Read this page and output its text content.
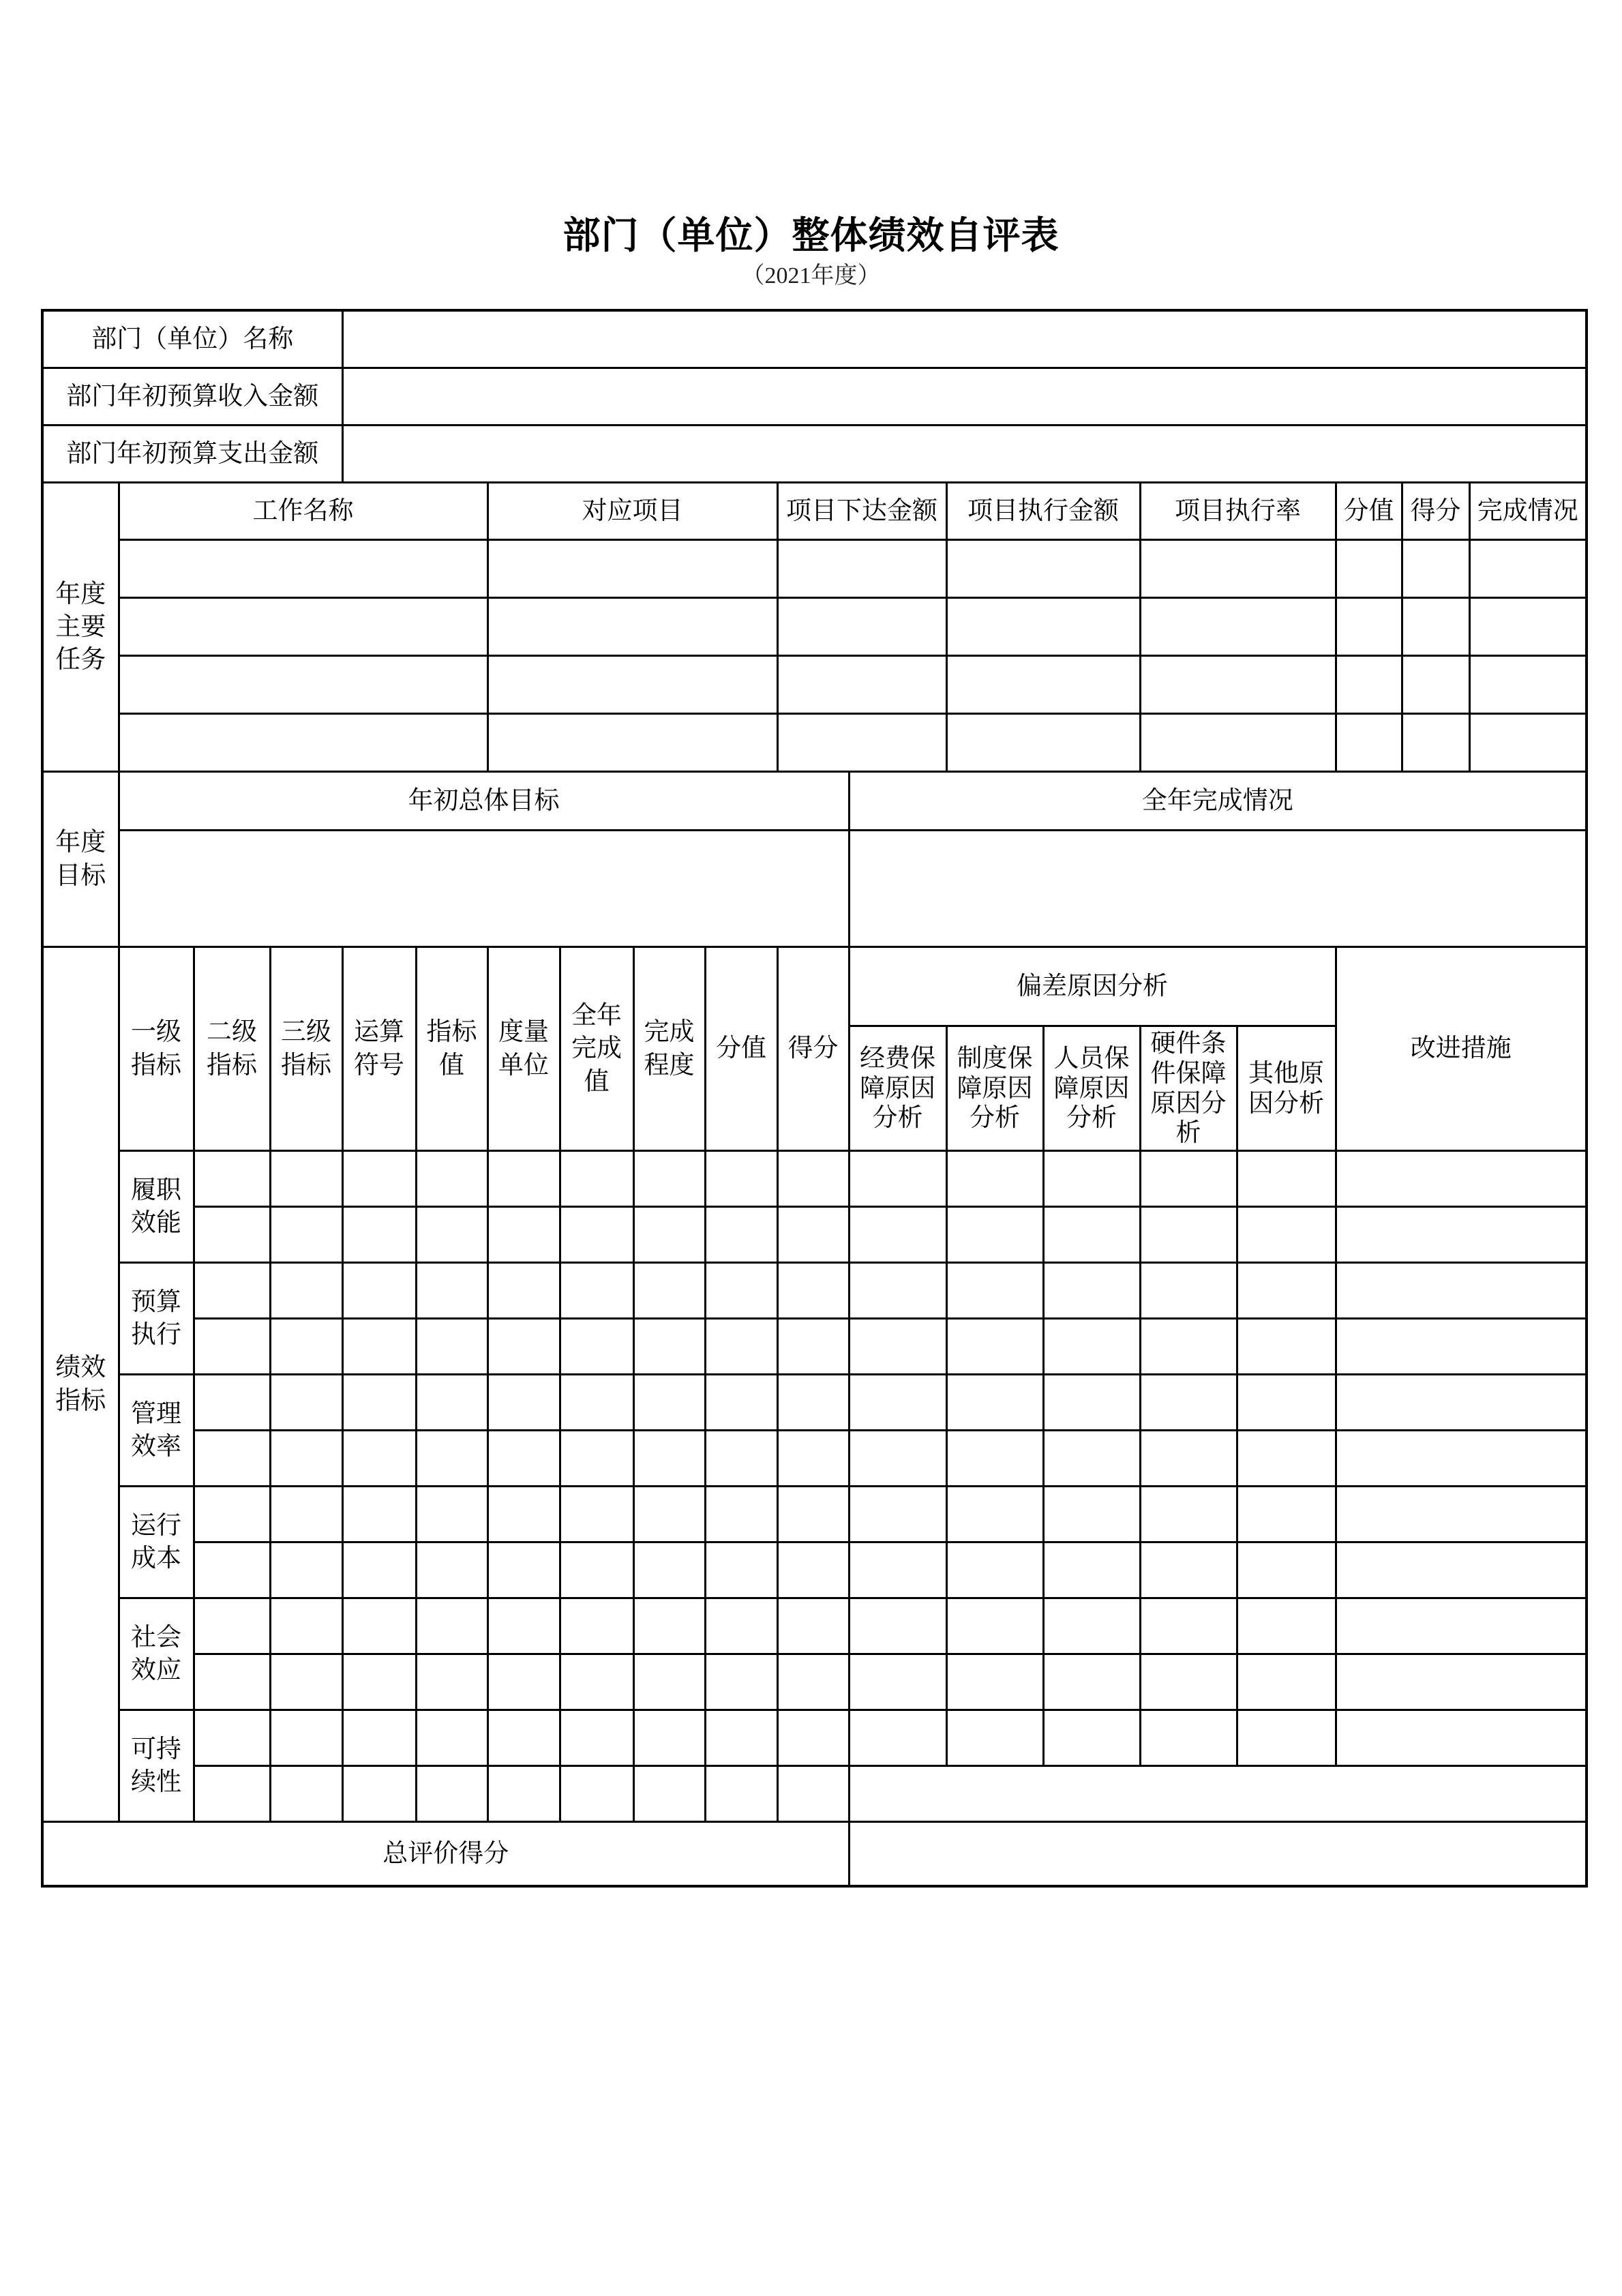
部门（单位）整体绩效自评表
（2021年度）
部门（单位）名称																		
部门年初预算收入金额																		
部门年初预算支出金额																		
年度主要任务	工作名称					对应项目				项目下达金额		项目执行金额		项目执行率		分值	得分	完成情况

年度目标	年初总体目标										全年完成情况							

绩效指标	一级指标	二级指标	三级指标	运算符号	指标值	度量单位	全年完成值	完成程度	分值	得分	偏差原因分析					改进措施		
											经费保障原因分析	制度保障原因分析	人员保障原因分析	硬件条件保障原因分析	其他原因分析			
	履职效能																	

	预算执行																	

	管理效率																	

	运行成本																	

	社会效应																	

	可持续性																	

总评价得分																		
